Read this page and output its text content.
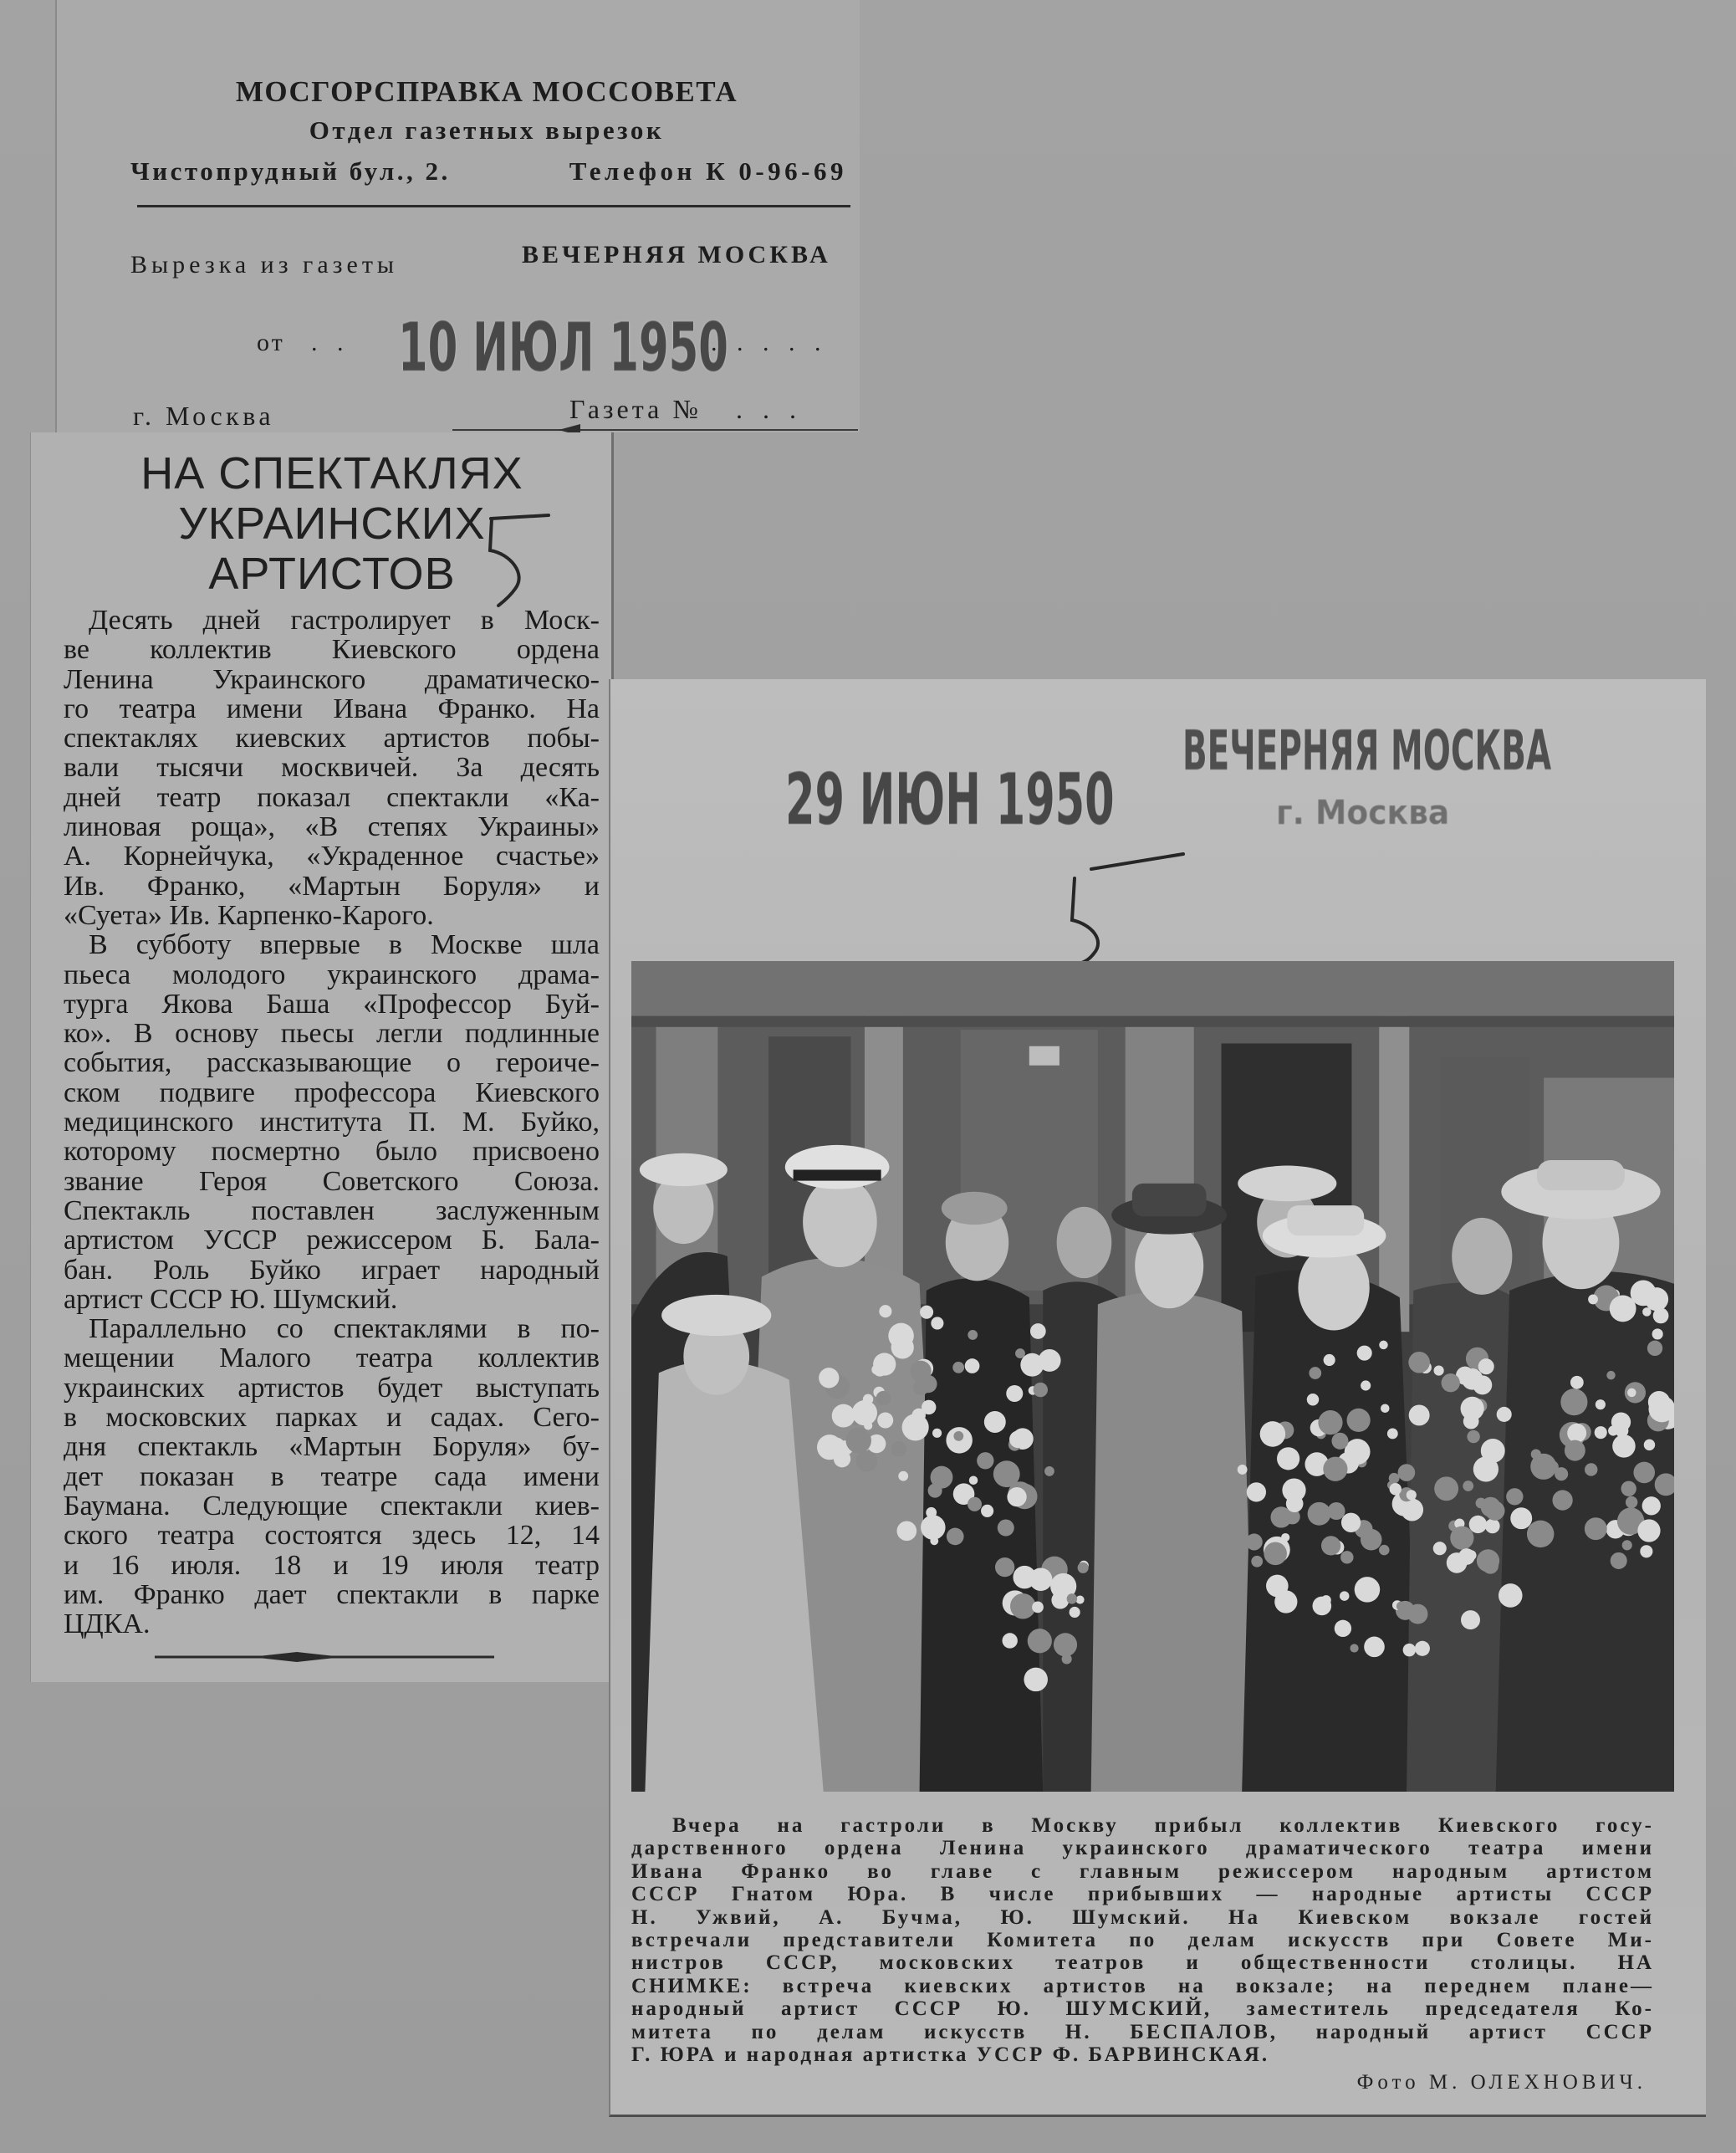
МОСГОРСПРАВКА МОССОВЕТА
Отдел газетных вырезок
Чистопрудный бул., 2.	Телефон К 0-96-69
Вырезка из газеты	ВЕЧЕРНЯЯ МОСКВА
от . . 10 ИЮЛ 1950
. . . . .
г. Москва	Газета № . . .
НА СПЕКТАКЛЯХ
УКРАИНСКИХ
АРТИСТОВ
Десять дней гастролирует в Моск-
ве коллектив Киевского ордена
Ленина Украинского драматическо-
го театра имени Ивана Франко. На
спектаклях киевских артистов побы-
вали тысячи москвичей. За десять
дней театр показал спектакли «Ка-
линовая роща», «В степях Украины»
А. Корнейчука, «Украденное счастье»
Ив. Франко, «Мартын Боруля» и
«Суета» Ив. Карпенко-Карого.
В субботу впервые в Москве шла
пьеса молодого украинского драма-
турга Якова Баша «Профессор Буй-
ко». В основу пьесы легли подлинные
события, рассказывающие о героиче-
ском подвиге профессора Киевского
медицинского института П. М. Буйко,
которому посмертно было присвоено
звание Героя Советского Союза.
Спектакль поставлен заслуженным
артистом УССР режиссером Б. Бала-
бан. Роль Буйко играет народный
артист СССР Ю. Шумский.
Параллельно со спектаклями в по-
мещении Малого театра коллектив
украинских артистов будет выступать
в московских парках и садах. Сего-
дня спектакль «Мартын Боруля» бу-
дет показан в театре сада имени
Баумана. Следующие спектакли киев-
ского театра состоятся здесь 12, 14
и 16 июля. 18 и 19 июля театр
им. Франко дает спектакли в парке
ЦДКА.
ВЕЧЕРНЯЯ МОСКВА
29 ИЮН 1950	г. Москва
Вчера на гастроли в Москву прибыл коллектив Киевского госу-
дарственного ордена Ленина украинского драматического театра имени
Ивана Франко во главе с главным режиссером народным артистом
СССР Гнатом Юра. В числе прибывших — народные артисты СССР
Н. Ужвий, А. Бучма, Ю. Шумский. На Киевском вокзале гостей
встречали представители Комитета по делам искусств при Совете Ми-
нистров СССР, московских театров и общественности столицы. НА
СНИМКЕ: встреча киевских артистов на вокзале; на переднем плане—
народный артист СССР Ю. ШУМСКИЙ, заместитель председателя Ко-
митета по делам искусств Н. БЕСПАЛОВ, народный артист СССР
Г. ЮРА и народная артистка УССР Ф. БАРВИНСКАЯ.
Фото М. ОЛЕХНОВИЧ.
